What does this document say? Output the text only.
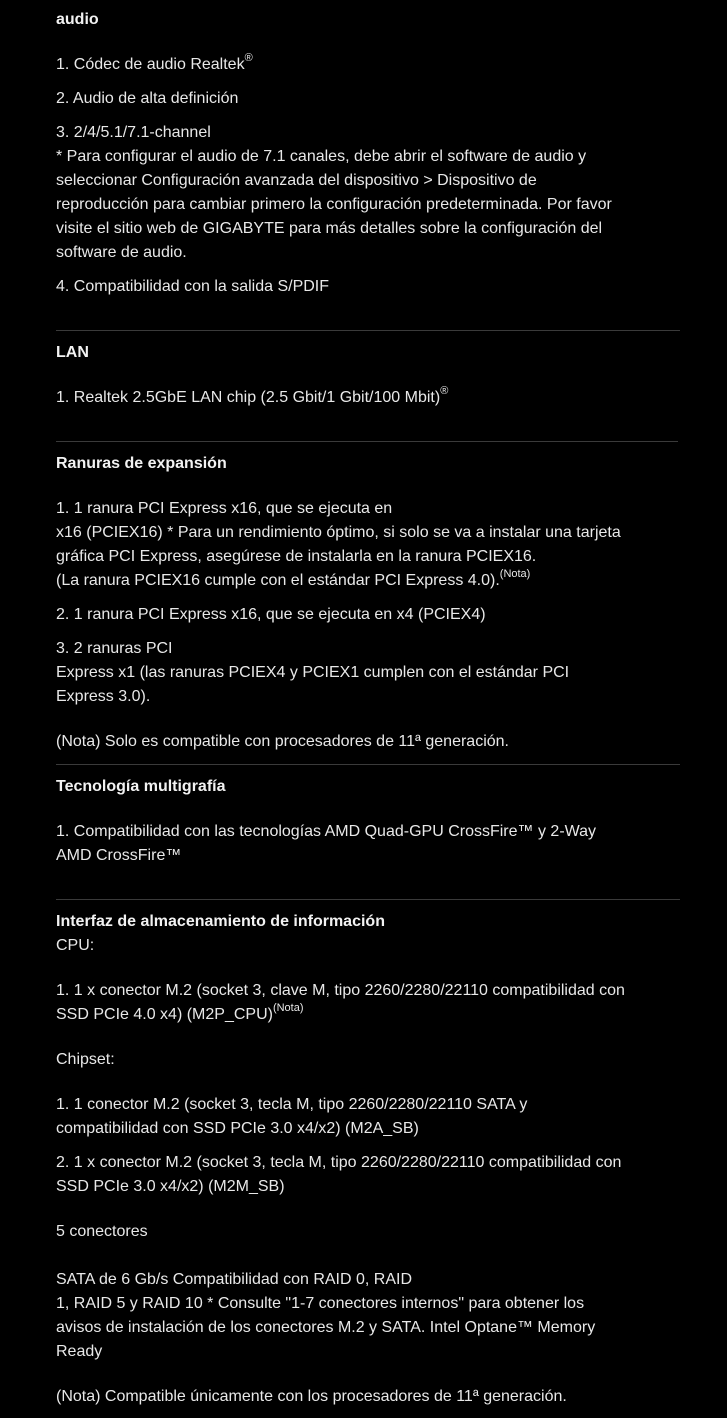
audio
1. Códec de audio Realtek®
2. Audio de alta definición
3. 2/4/5.1/7.1-channel
* Para configurar el audio de 7.1 canales, debe abrir el software de audio y
seleccionar Configuración avanzada del dispositivo > Dispositivo de
reproducción para cambiar primero la configuración predeterminada. Por favor
visite el sitio web de GIGABYTE para más detalles sobre la configuración del
software de audio.
4. Compatibilidad con la salida S/PDIF
LAN
1. Realtek 2.5GbE LAN chip (2.5 Gbit/1 Gbit/100 Mbit)®
Ranuras de expansión
1. 1 ranura PCI Express x16, que se ejecuta en
x16 (PCIEX16) * Para un rendimiento óptimo, si solo se va a instalar una tarjeta
gráfica PCI Express, asegúrese de instalarla en la ranura PCIEX16.
(La ranura PCIEX16 cumple con el estándar PCI Express 4.0).$^{(Nota)}$
2. 1 ranura PCI Express x16, que se ejecuta en x4 (PCIEX4)
3. 2 ranuras PCI
Express x1 (las ranuras PCIEX4 y PCIEX1 cumplen con el estándar PCI
Express 3.0).
(Nota) Solo es compatible con procesadores de 11ª generación.
Tecnología multigrafía
1. Compatibilidad con las tecnologías AMD Quad-GPU CrossFire™ y 2-Way
AMD CrossFire™
Interfaz de almacenamiento de información
CPU:
1. 1 x conector M.2 (socket 3, clave M, tipo 2260/2280/22110 compatibilidad con
SSD PCIe 4.0 x4) (M2P_CPU)$^{(Nota)}$
Chipset:
1. 1 conector M.2 (socket 3, tecla M, tipo 2260/2280/22110 SATA y
compatibilidad con SSD PCIe 3.0 x4/x2) (M2A_SB)
2. 1 x conector M.2 (socket 3, tecla M, tipo 2260/2280/22110 compatibilidad con
SSD PCIe 3.0 x4/x2) (M2M_SB)
5 conectores
SATA de 6 Gb/s Compatibilidad con RAID 0, RAID
1, RAID 5 y RAID 10 * Consulte "1-7 conectores internos" para obtener los
avisos de instalación de los conectores M.2 y SATA. Intel Optane™ Memory
Ready
(Nota) Compatible únicamente con los procesadores de 11ª generación.
